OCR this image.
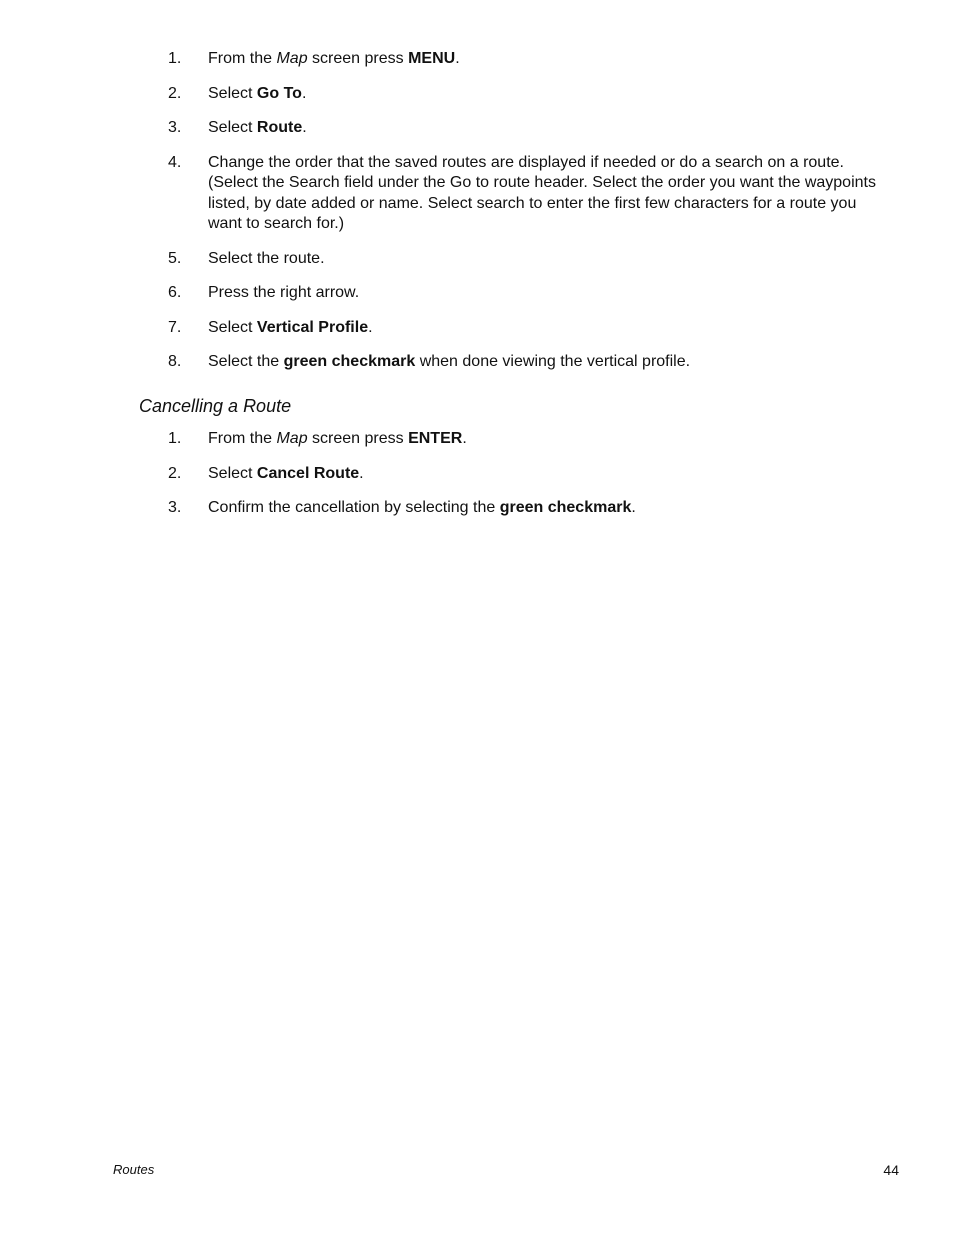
1.	From the Map screen press MENU.
2.	Select Go To.
3.	Select Route.
4.	Change the order that the saved routes are displayed if needed or do a search on a route. (Select the Search field under the Go to route header. Select the order you want the waypoints listed, by date added or name. Select search to enter the first few characters for a route you want to search for.)
5.	Select the route.
6.	Press the right arrow.
7.	Select Vertical Profile.
8.	Select the green checkmark when done viewing the vertical profile.
Cancelling a Route
1.	From the Map screen press ENTER.
2.	Select Cancel Route.
3.	Confirm the cancellation by selecting the green checkmark.
Routes	44
